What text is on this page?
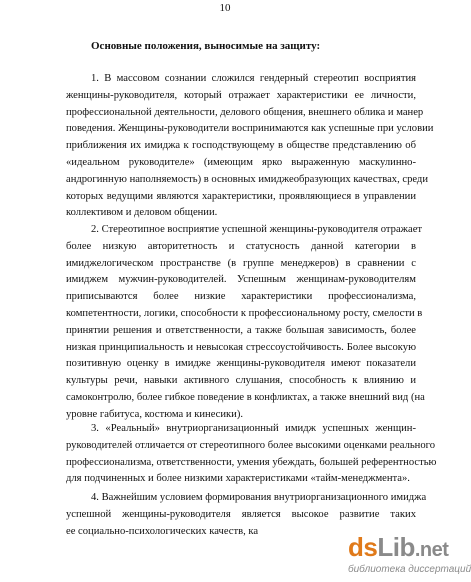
10
Основные положения, выносимые на защиту:
1. В массовом сознании сложился гендерный стереотип восприятия
женщины-руководителя, который отражает характеристики ее личности,
профессиональной деятельности, делового общения, внешнего облика и манер
поведения. Женщины-руководители воспринимаются как успешные при условии
приближения их имиджа к господствующему в обществе представлению об
«идеальном руководителе» (имеющим ярко выраженную маскулинно-
андрогинную наполняемость) в основных имиджеобразующих качествах, среди
которых ведущими являются характеристики, проявляющиеся в управлении
коллективом и деловом общении.
2. Стереотипное восприятие успешной женщины-руководителя отражает
более низкую авторитетность и статусность данной категории в
имиджелогическом пространстве (в группе менеджеров) в сравнении с
имиджем мужчин-руководителей. Успешным женщинам-руководителям
приписываются более низкие характеристики профессионализма,
компетентности, логики, способности к профессиональному росту, смелости в
принятии решения и ответственности, а также большая зависимость, более
низкая принципиальность и невысокая стрессоустойчивость. Более высокую
позитивную оценку в имидже женщины-руководителя имеют показатели
культуры речи, навыки активного слушания, способность к влиянию и
самоконтролю, более гибкое поведение в конфликтах, а также внешний вид (на
уровне габитуса, костюма и кинесики).
3. «Реальный» внутриорганизационный имидж успешных женщин-
руководителей отличается от стереотипного более высокими оценками реального
профессионализма, ответственности, умения убеждать, большей референтностью
для подчиненных и более низкими характеристиками «тайм-менеджмента».
4. Важнейшим условием формирования внутриорганизационного имиджа
успешной женщины-руководителя является высокое развитие таких
ее социально-психологических качеств, ка
dsLib.net
библиотека диссертаций
